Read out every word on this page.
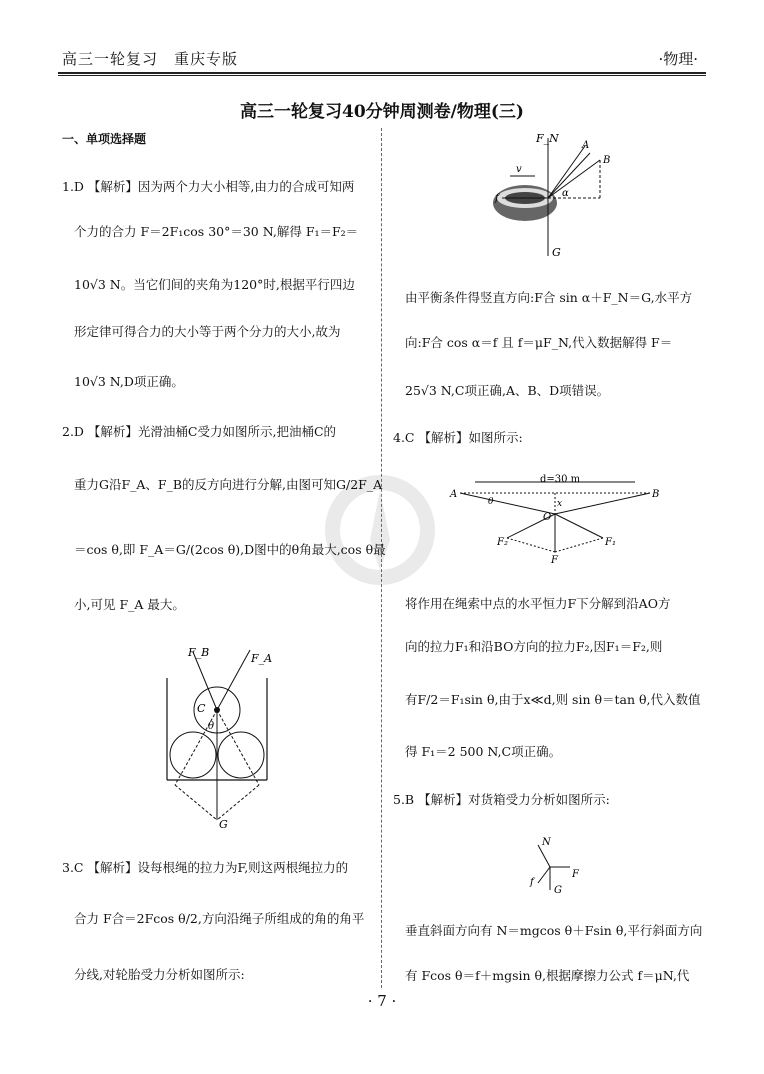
高三一轮复习　重庆专版	·物理·
高三一轮复习40分钟周测卷/物理(三)
一、单项选择题
1.D 【解析】因为两个力大小相等,由力的合成可知两
个力的合力 F＝2F₁cos 30°＝30 N,解得 F₁＝F₂＝
10√3 N。当它们间的夹角为120°时,根据平行四边
形定律可得合力的大小等于两个分力的大小,故为
10√3 N,D项正确。
2.D 【解析】光滑油桶C受力如图所示,把油桶C的
重力G沿F_A、F_B的反方向进行分解,由图可知G/2F_A
＝cos θ,即 F_A＝G/(2cos θ),D图中的θ角最大,cos θ最
小,可见 F_A 最大。
3.C 【解析】设每根绳的拉力为F,则这两根绳拉力的
合力 F合＝2Fcos θ/2,方向沿绳子所组成的角的角平
分线,对轮胎受力分析如图所示:
F_B	F_A
C
θ
G
F_N
A
B
v
f	α
G
由平衡条件得竖直方向:F合 sin α＋F_N＝G,水平方
向:F合 cos α＝f 且 f＝μF_N,代入数据解得 F＝
25√3 N,C项正确,A、B、D项错误。
4.C 【解析】如图所示:
d=30 m
A	B
O
x
θ
F₁
F₂
F
将作用在绳索中点的水平恒力F下分解到沿AO方
向的拉力F₁和沿BO方向的拉力F₂,因F₁＝F₂,则
有F/2＝F₁sin θ,由于x≪d,则 sin θ＝tan θ,代入数值
得 F₁＝2 500 N,C项正确。
5.B 【解析】对货箱受力分析如图所示:
N
F
f
G
垂直斜面方向有 N＝mgcos θ＋Fsin θ,平行斜面方向
有 Fcos θ＝f＋mgsin θ,根据摩擦力公式 f＝μN,代
· 7 ·
